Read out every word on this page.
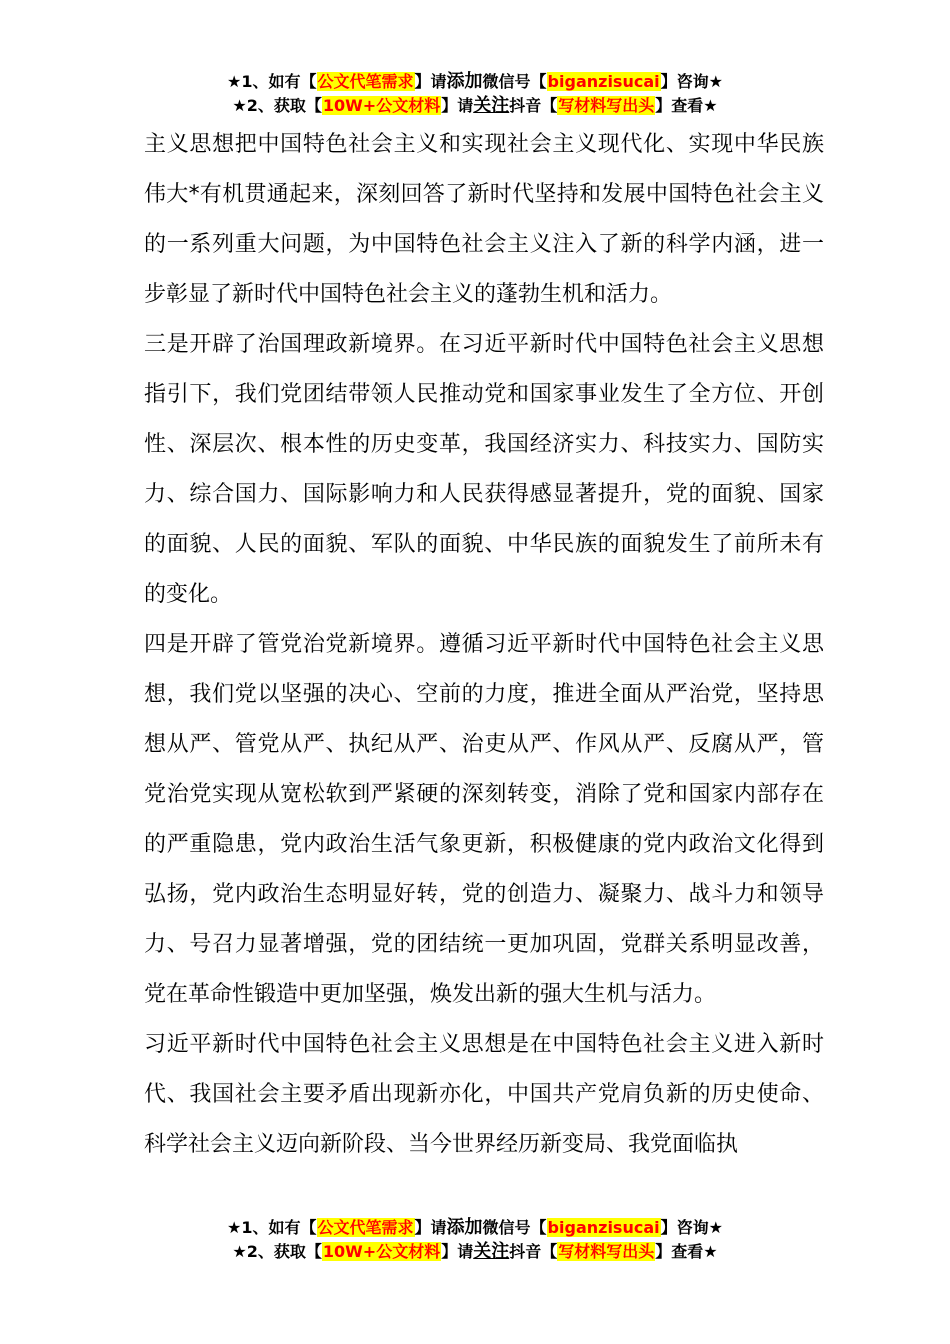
★1、如有【公文代笔需求】请添加微信号【biganzisucai】咨询★
★2、获取【10W+公文材料】请关注抖音【写材料写出头】查看★

主义思想把中国特色社会主义和实现社会主义现代化、实现中华民族伟大*有机贯通起来，深刻回答了新时代坚持和发展中国特色社会主义的一系列重大问题，为中国特色社会主义注入了新的科学内涵，进一步彰显了新时代中国特色社会主义的蓬勃生机和活力。

三是开辟了治国理政新境界。在习近平新时代中国特色社会主义思想指引下，我们党团结带领人民推动党和国家事业发生了全方位、开创性、深层次、根本性的历史变革，我国经济实力、科技实力、国防实力、综合国力、国际影响力和人民获得感显著提升，党的面貌、国家的面貌、人民的面貌、军队的面貌、中华民族的面貌发生了前所未有的变化。

四是开辟了管党治党新境界。遵循习近平新时代中国特色社会主义思想，我们党以坚强的决心、空前的力度，推进全面从严治党，坚持思想从严、管党从严、执纪从严、治吏从严、作风从严、反腐从严，管党治党实现从宽松软到严紧硬的深刻转变，消除了党和国家内部存在的严重隐患，党内政治生活气象更新，积极健康的党内政治文化得到弘扬，党内政治生态明显好转，党的创造力、凝聚力、战斗力和领导力、号召力显著增强，党的团结统一更加巩固，党群关系明显改善，党在革命性锻造中更加坚强，焕发出新的强大生机与活力。

习近平新时代中国特色社会主义思想是在中国特色社会主义进入新时代、我国社会主要矛盾出现新亦化，中国共产党肩负新的历史使命、科学社会主义迈向新阶段、当今世界经历新变局、我党面临执

★1、如有【公文代笔需求】请添加微信号【biganzisucai】咨询★
★2、获取【10W+公文材料】请关注抖音【写材料写出头】查看★
